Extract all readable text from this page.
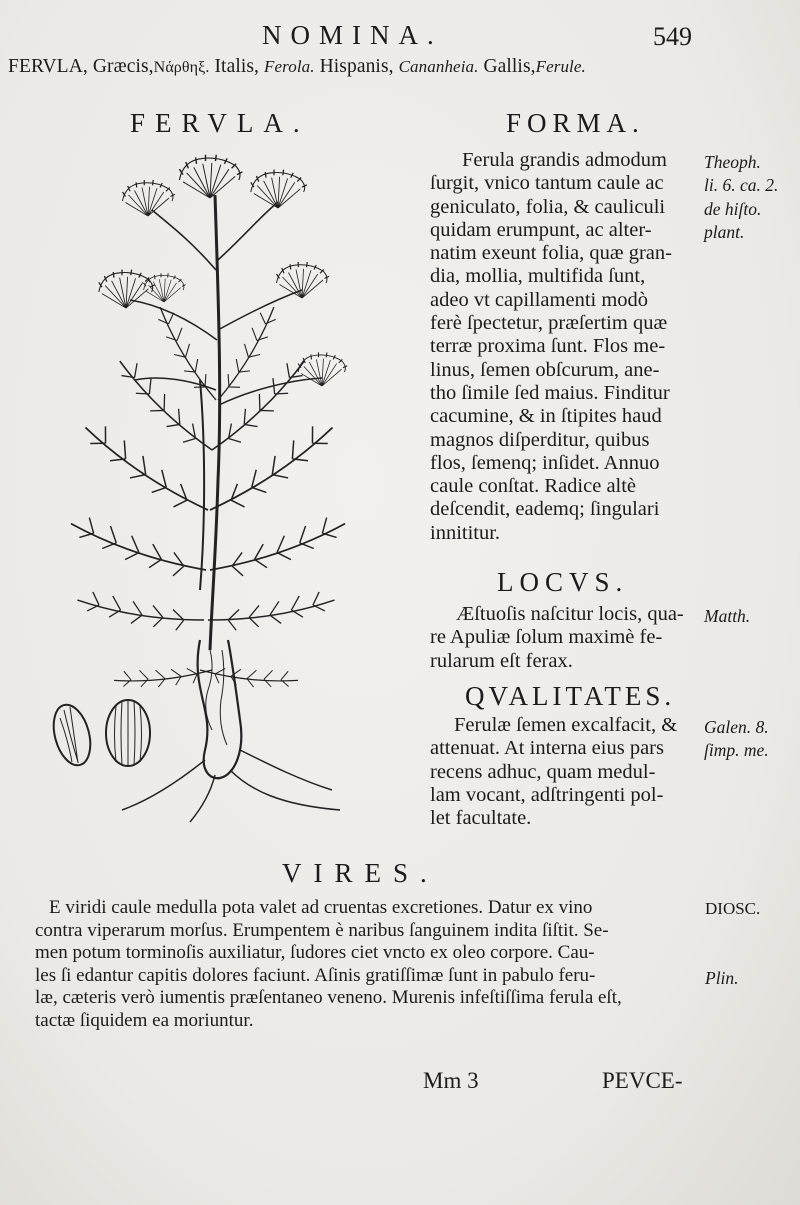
NOMINA.	549
FERVLA, Græcis,Νάρθηξ. Italis, Ferola. Hispanis, Cananheia. Gallis,Ferule.
FERVLA.	FORMA.
Ferula grandis admodum
ſurgit, vnico tantum caule ac
geniculato, folia, & cauliculi
quidam erumpunt, ac alter-
natim exeunt folia, quæ gran-
dia, mollia, multifida ſunt,
adeo vt capillamenti modò
ferè ſpectetur, præſertim quæ
terræ proxima ſunt. Flos me-
linus, ſemen obſcurum, ane-
tho ſimile ſed maius. Finditur
cacumine, & in ſtipites haud
magnos diſperditur, quibus
flos, ſemenq; inſidet. Annuo
caule conſtat. Radice altè
deſcendit, eademq; ſingulari
innititur.
Theoph.
li. 6. ca. 2.
de hiſto.
plant.
LOCVS.
Æſtuoſis naſcitur locis, qua-
re Apuliæ ſolum maximè fe-
rularum eſt ferax.
Matth.
QVALITATES.
Ferulæ ſemen excalfacit, &
attenuat. At interna eius pars
recens adhuc, quam medul-
lam vocant, adſtringenti pol-
let facultate.
Galen. 8.
ſimp. me.
VIRES.
E viridi caule medulla pota valet ad cruentas excretiones. Datur ex vino
contra viperarum morſus. Erumpentem è naribus ſanguinem indita ſiſtit. Se-
men potum torminoſis auxiliatur, ſudores ciet vncto ex oleo corpore. Cau-
les ſi edantur capitis dolores faciunt. Aſinis gratiſſimæ ſunt in pabulo feru-
læ, cæteris verò iumentis præſentaneo veneno. Murenis infeſtiſſima ferula eſt,
tactæ ſiquidem ea moriuntur.
DIOSC.
Plin.
Mm 3	PEVCE-
